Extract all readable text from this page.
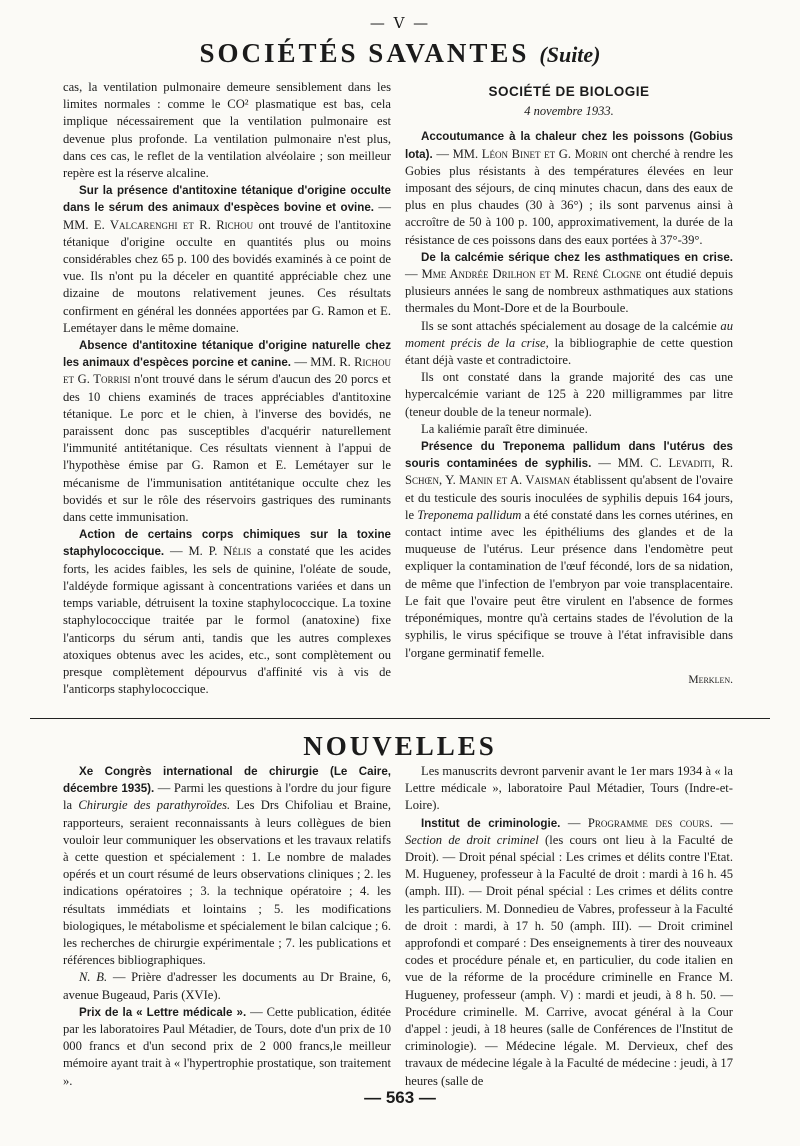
— V —
SOCIÉTÉS SAVANTES (Suite)

cas, la ventilation pulmonaire demeure sensiblement dans les limites normales : comme le CO² plasmatique est bas, cela implique nécessairement que la ventilation pulmonaire est devenue plus profonde. La ventilation pulmonaire n'est plus, dans ces cas, le reflet de la ventilation alvéolaire ; son meilleur repère est la réserve alcaline.

Sur la présence d'antitoxine tétanique d'origine occulte dans le sérum des animaux d'espèces bovine et ovine. — MM. E. Valcarenghi et R. Richou ont trouvé de l'antitoxine tétanique d'origine occulte en quantités plus ou moins considérables chez 65 p. 100 des bovidés examinés à ce point de vue. Ils n'ont pu la déceler en quantité appréciable chez une dizaine de moutons relativement jeunes. Ces résultats confirment en général les données apportées par G. Ramon et E. Lemétayer dans le même domaine.

Absence d'antitoxine tétanique d'origine naturelle chez les animaux d'espèces porcine et canine. — MM. R. Richou et G. Torrisi n'ont trouvé dans le sérum d'aucun des 20 porcs et des 10 chiens examinés de traces appréciables d'antitoxine tétanique. Le porc et le chien, à l'inverse des bovidés, ne paraissent donc pas susceptibles d'acquérir naturellement l'immunité antitétanique. Ces résultats viennent à l'appui de l'hypothèse émise par G. Ramon et E. Lemétayer sur le mécanisme de l'immunisation antitétanique occulte chez les bovidés et sur le rôle des réservoirs gastriques des ruminants dans cette immunisation.

Action de certains corps chimiques sur la toxine staphylococcique. — M. P. Nélis a constaté que les acides forts, les acides faibles, les sels de quinine, l'oléate de soude, l'aldéyde formique agissant à concentrations variées et dans un temps variable, détruisent la toxine staphylococcique. La toxine staphylococcique traitée par le formol (anatoxine) fixe l'anticorps du sérum anti, tandis que les autres complexes atoxiques obtenus avec les acides, etc., sont complètement ou presque complètement dépourvus d'affinité vis à vis de l'anticorps staphylococcique.

SOCIÉTÉ DE BIOLOGIE
4 novembre 1933.

Accoutumance à la chaleur chez les poissons (Gobius lota). — MM. Léon Binet et G. Morin ont cherché à rendre les Gobies plus résistants à des températures élevées en leur imposant des séjours, de cinq minutes chacun, dans des eaux de plus en plus chaudes (30 à 36°) ; ils sont parvenus ainsi à accroître de 50 à 100 p. 100, approximativement, la durée de la résistance de ces poissons dans des eaux portées à 37°-39°.

De la calcémie sérique chez les asthmatiques en crise. — Mme Andrée Drilhon et M. René Clogne ont étudié depuis plusieurs années le sang de nombreux asthmatiques aux stations thermales du Mont-Dore et de la Bourboule.

Ils se sont attachés spécialement au dosage de la calcémie au moment précis de la crise, la bibliographie de cette question étant déjà vaste et contradictoire.

Ils ont constaté dans la grande majorité des cas une hypercalcémie variant de 125 à 220 milligrammes par litre (teneur double de la teneur normale).

La kaliémie paraît être diminuée.

Présence du Treponema pallidum dans l'utérus des souris contaminées de syphilis. — MM. C. Levaditi, R. Schœn, Y. Manin et A. Vaisman établissent qu'absent de l'ovaire et du testicule des souris inoculées de syphilis depuis 164 jours, le Treponema pallidum a été constaté dans les cornes utérines, en contact intime avec les épithéliums des glandes et de la muqueuse de l'utérus. Leur présence dans l'endomètre peut expliquer la contamination de l'œuf fécondé, lors de sa nidation, de même que l'infection de l'embryon par voie transplacentaire. Le fait que l'ovaire peut être virulent en l'absence de formes tréponémiques, montre qu'à certains stades de l'évolution de la syphilis, le virus spécifique se trouve à l'état infravisible dans l'organe germinatif femelle.

Merklen.
NOUVELLES

Xe Congrès international de chirurgie (Le Caire, décembre 1935). — Parmi les questions à l'ordre du jour figure la Chirurgie des parathyroïdes. Les Drs Chifoliau et Braine, rapporteurs, seraient reconnaissants à leurs collègues de bien vouloir leur communiquer les observations et les travaux relatifs à cette question et spécialement : 1. Le nombre de malades opérés et un court résumé de leurs observations cliniques ; 2. les indications opératoires ; 3. la technique opératoire ; 4. les résultats immédiats et lointains ; 5. les modifications biologiques, le métabolisme et spécialement le bilan calcique ; 6. les recherches de chirurgie expérimentale ; 7. les publications et références bibliographiques.

N. B. — Prière d'adresser les documents au Dr Braine, 6, avenue Bugeaud, Paris (XVIe).

Prix de la « Lettre médicale ». — Cette publication, éditée par les laboratoires Paul Métadier, de Tours, dote d'un prix de 10 000 francs et d'un second prix de 2 000 francs,le meilleur mémoire ayant trait à « l'hypertrophie prostatique, son traitement ».

Les manuscrits devront parvenir avant le 1er mars 1934 à « la Lettre médicale », laboratoire Paul Métadier, Tours (Indre-et-Loire).

Institut de criminologie. — Programme des cours. — Section de droit criminel (les cours ont lieu à la Faculté de Droit). — Droit pénal spécial : Les crimes et délits contre l'Etat. M. Hugueney, professeur à la Faculté de droit : mardi à 16 h. 45 (amph. III). — Droit pénal spécial : Les crimes et délits contre les particuliers. M. Donnedieu de Vabres, professeur à la Faculté de droit : mardi, à 17 h. 50 (amph. III). — Droit criminel approfondi et comparé : Des enseignements à tirer des nouveaux codes et procédure pénale et, en particulier, du code italien en vue de la réforme de la procédure criminelle en France M. Hugueney, professeur (amph. V) : mardi et jeudi, à 8 h. 50. — Procédure criminelle. M. Carrive, avocat général à la Cour d'appel : jeudi, à 18 heures (salle de Conférences de l'Institut de criminologie). — Médecine légale. M. Dervieux, chef des travaux de médecine légale à la Faculté de médecine : jeudi, à 17 heures (salle de

— 563 —
